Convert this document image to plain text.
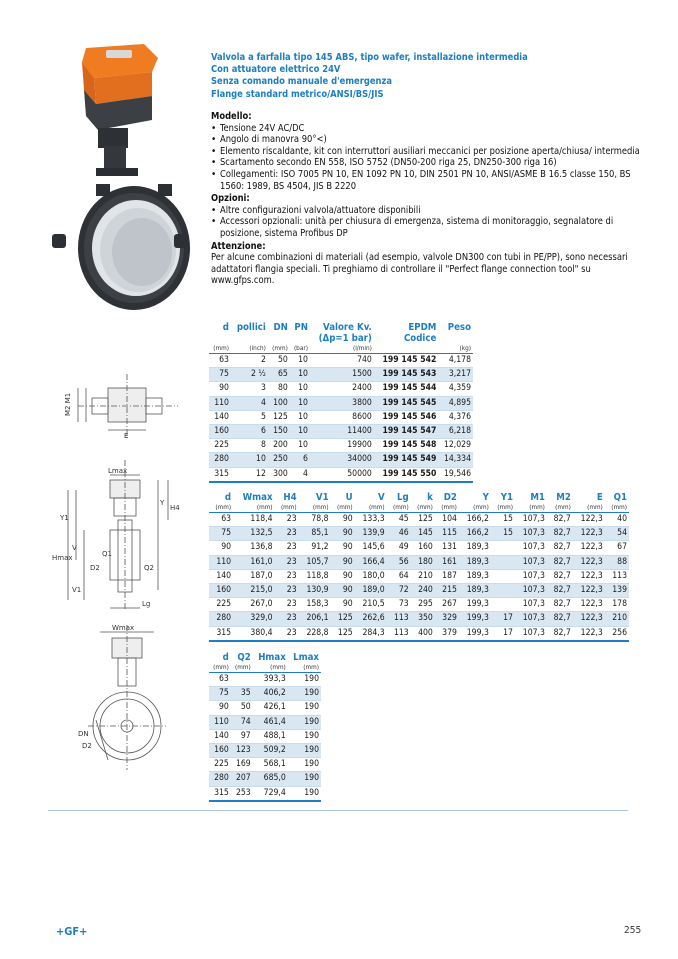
Valvola a farfalla tipo 145 ABS, tipo wafer, installazione intermedia
Con attuatore elettrico 24V
Senza comando manuale d'emergenza
Flange standard metrico/ANSI/BS/JIS
Modello:
• Tensione 24V AC/DC
• Angolo di manovra 90°<)
• Elemento riscaldante, kit con interruttori ausiliari meccanici per posizione aperta/chiusa/ intermedia
• Scartamento secondo EN 558, ISO 5752 (DN50-200 riga 25, DN250-300 riga 16)
• Collegamenti: ISO 7005 PN 10, EN 1092 PN 10, DIN 2501 PN 10, ANSI/ASME B 16.5 classe 150, BS 1560: 1989, BS 4504, JIS B 2220
Opzioni:
• Altre configurazioni valvola/attuatore disponibili
• Accessori opzionali: unità per chiusura di emergenza, sistema di monitoraggio, segnalatore di posizione, sistema Profibus DP
Attenzione:
Per alcune combinazioni di materiali (ad esempio, valvole DN300 con tubi in PE/PP), sono necessari adattatori flangia speciali. Ti preghiamo di controllare il "Perfect flange connection tool" su www.gfps.com.
M2 M1
E
Lmax
Y1
Y
H4
Hmax
V
D2
Q1
Q2
V1
Lg
Wmax
DN
D2
d	pollici	DN	PN	Valore Kv.	EPDM	Peso
				(Δp=1 bar)	Codice	
(mm)	(inch)	(mm)	(bar)	(l/min)		(kg)
63	2	50	10	740	199 145 542	4,178
75	2 ½	65	10	1500	199 145 543	3,217
90	3	80	10	2400	199 145 544	4,359
110	4	100	10	3800	199 145 545	4,895
140	5	125	10	8600	199 145 546	4,376
160	6	150	10	11400	199 145 547	6,218
225	8	200	10	19900	199 145 548	12,029
280	10	250	6	34000	199 145 549	14,334
315	12	300	4	50000	199 145 550	19,546
d	Wmax	H4	V1	U	V	Lg	k	D2	Y	Y1	M1	M2	E	Q1
(mm)	(mm)	(mm)	(mm)	(mm)	(mm)	(mm)	(mm)	(mm)	(mm)	(mm)	(mm)	(mm)	(mm)	(mm)
63	118,4	23	78,8	90	133,3	45	125	104	166,2	15	107,3	82,7	122,3	40
75	132,5	23	85,1	90	139,9	46	145	115	166,2	15	107,3	82,7	122,3	54
90	136,8	23	91,2	90	145,6	49	160	131	189,3		107,3	82,7	122,3	67
110	161,0	23	105,7	90	166,4	56	180	161	189,3		107,3	82,7	122,3	88
140	187,0	23	118,8	90	180,0	64	210	187	189,3		107,3	82,7	122,3	113
160	215,0	23	130,9	90	189,0	72	240	215	189,3		107,3	82,7	122,3	139
225	267,0	23	158,3	90	210,5	73	295	267	199,3		107,3	82,7	122,3	178
280	329,0	23	206,1	125	262,6	113	350	329	199,3	17	107,3	82,7	122,3	210
315	380,4	23	228,8	125	284,3	113	400	379	199,3	17	107,3	82,7	122,3	256
d	Q2	Hmax	Lmax
(mm)	(mm)	(mm)	(mm)
63		393,3	190
75	35	406,2	190
90	50	426,1	190
110	74	461,4	190
140	97	488,1	190
160	123	509,2	190
225	169	568,1	190
280	207	685,0	190
315	253	729,4	190
+GF+	255
